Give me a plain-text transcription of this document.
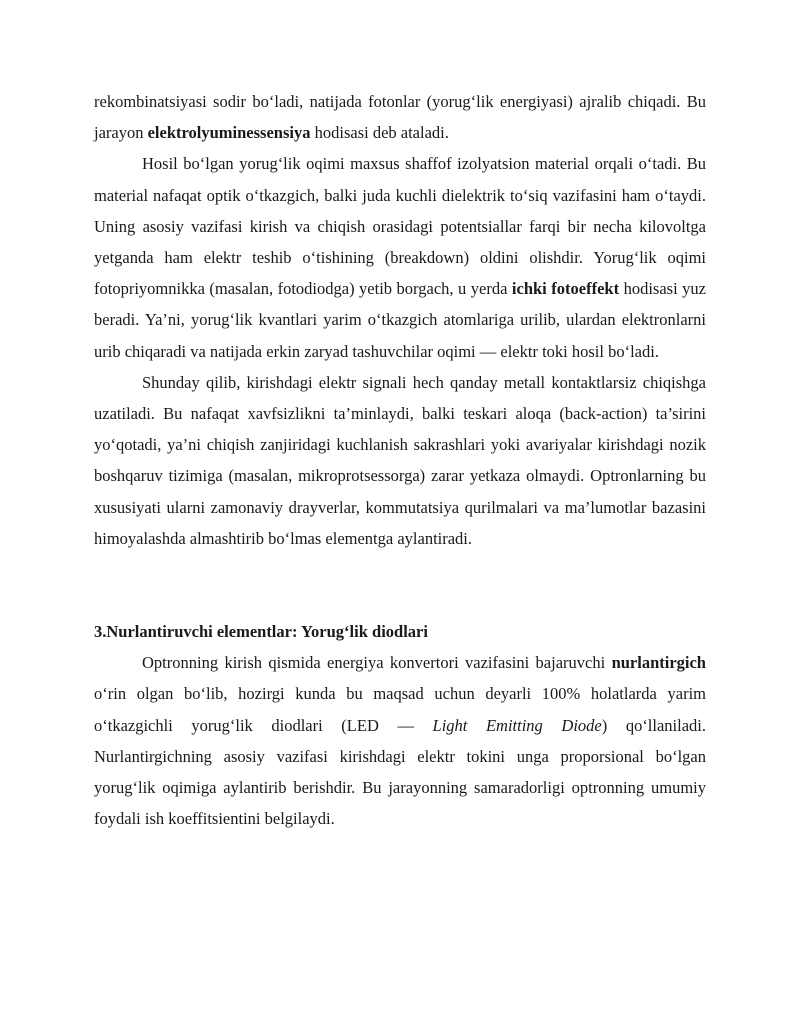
rekombinatsiyasi sodir boʻladi, natijada fotonlar (yorugʻlik energiyasi) ajralib chiqadi. Bu jarayon elektrolyuminessensiya hodisasi deb ataladi.

Hosil boʻlgan yorugʻlik oqimi maxsus shaffof izolyatsion material orqali oʻtadi. Bu material nafaqat optik oʻtkazgich, balki juda kuchli dielektrik toʻsiq vazifasini ham oʻtaydi. Uning asosiy vazifasi kirish va chiqish orasidagi potentsiallar farqi bir necha kilovoltga yetganda ham elektr teshib oʻtishining (breakdown) oldini olishdir. Yorugʻlik oqimi fotopriyomnikka (masalan, fotodiodga) yetib borgach, u yerda ichki fotoeffekt hodisasi yuz beradi. Ya’ni, yorugʻlik kvantlari yarim oʻtkazgich atomlariga urilib, ulardan elektronlarni urib chiqaradi va natijada erkin zaryad tashuvchilar oqimi — elektr toki hosil boʻladi.

Shunday qilib, kirishdagi elektr signali hech qanday metall kontaktlarsiz chiqishga uzatiladi. Bu nafaqat xavfsizlikni ta’minlaydi, balki teskari aloqa (back-action) ta’sirini yoʻqotadi, ya’ni chiqish zanjiridagi kuchlanish sakrashlari yoki avariyalar kirishdagi nozik boshqaruv tizimiga (masalan, mikroprotsessorga) zarar yetkaza olmaydi. Optronlarning bu xususiyati ularni zamonaviy drayverlar, kommutatsiya qurilmalari va ma’lumotlar bazasini himoyalashda almashtirib boʻlmas elementga aylantiradi.

3.Nurlantiruvchi elementlar: Yorugʻlik diodlari

Optronning kirish qismida energiya konvertori vazifasini bajaruvchi nurlantirgich oʻrin olgan boʻlib, hozirgi kunda bu maqsad uchun deyarli 100% holatlarda yarim oʻtkazgichli yorugʻlik diodlari (LED — Light Emitting Diode) qoʻllaniladi. Nurlantirgichning asosiy vazifasi kirishdagi elektr tokini unga proporsional boʻlgan yorugʻlik oqimiga aylantirib berishdir. Bu jarayonning samaradorligi optronning umumiy foydali ish koeffitsientini belgilaydi.
